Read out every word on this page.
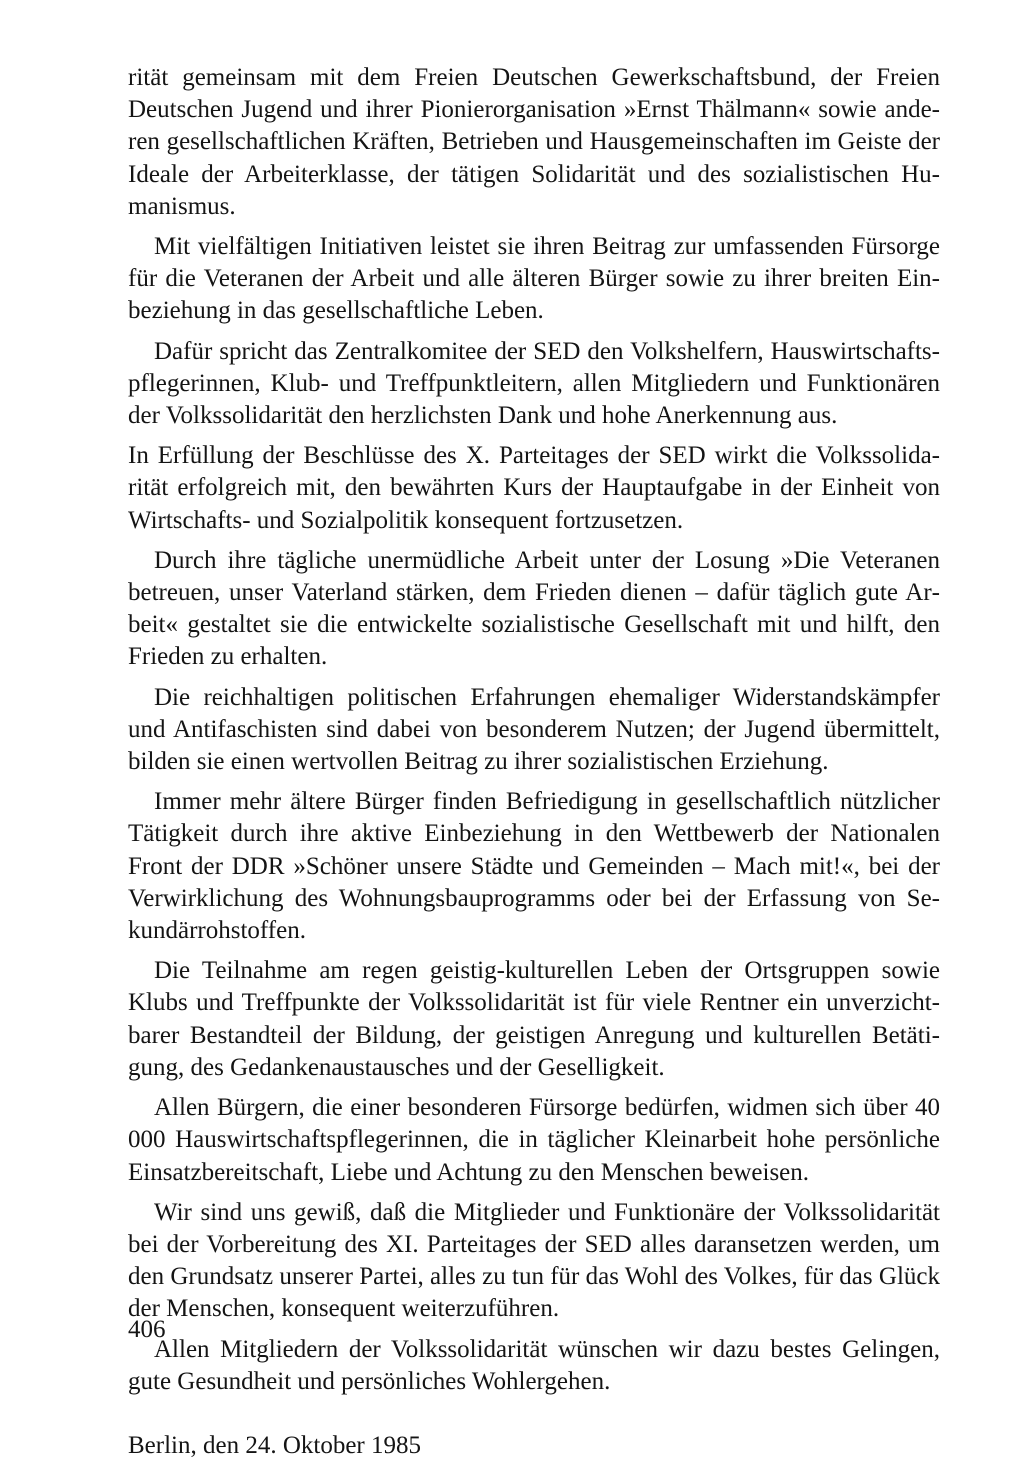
rität gemeinsam mit dem Freien Deutschen Gewerkschaftsbund, der Freien Deutschen Jugend und ihrer Pionierorganisation »Ernst Thälmann« sowie anderen gesellschaftlichen Kräften, Betrieben und Hausgemeinschaften im Geiste der Ideale der Arbeiterklasse, der tätigen Solidarität und des sozialistischen Humanismus.

Mit vielfältigen Initiativen leistet sie ihren Beitrag zur umfassenden Fürsorge für die Veteranen der Arbeit und alle älteren Bürger sowie zu ihrer breiten Einbeziehung in das gesellschaftliche Leben.

Dafür spricht das Zentralkomitee der SED den Volkshelfern, Hauswirtschaftspflegerinnen, Klub- und Treffpunktleitern, allen Mitgliedern und Funktionären der Volkssolidarität den herzlichsten Dank und hohe Anerkennung aus.

In Erfüllung der Beschlüsse des X. Parteitages der SED wirkt die Volkssolidarität erfolgreich mit, den bewährten Kurs der Hauptaufgabe in der Einheit von Wirtschafts- und Sozialpolitik konsequent fortzusetzen.

Durch ihre tägliche unermüdliche Arbeit unter der Losung »Die Veteranen betreuen, unser Vaterland stärken, dem Frieden dienen – dafür täglich gute Arbeit« gestaltet sie die entwickelte sozialistische Gesellschaft mit und hilft, den Frieden zu erhalten.

Die reichhaltigen politischen Erfahrungen ehemaliger Widerstandskämpfer und Antifaschisten sind dabei von besonderem Nutzen; der Jugend übermittelt, bilden sie einen wertvollen Beitrag zu ihrer sozialistischen Erziehung.

Immer mehr ältere Bürger finden Befriedigung in gesellschaftlich nützlicher Tätigkeit durch ihre aktive Einbeziehung in den Wettbewerb der Nationalen Front der DDR »Schöner unsere Städte und Gemeinden – Mach mit!«, bei der Verwirklichung des Wohnungsbauprogramms oder bei der Erfassung von Sekundärrohstoffen.

Die Teilnahme am regen geistig-kulturellen Leben der Ortsgruppen sowie Klubs und Treffpunkte der Volkssolidarität ist für viele Rentner ein unverzichtbarer Bestandteil der Bildung, der geistigen Anregung und kulturellen Betätigung, des Gedankenaustausches und der Geselligkeit.

Allen Bürgern, die einer besonderen Fürsorge bedürfen, widmen sich über 40 000 Hauswirtschaftspflegerinnen, die in täglicher Kleinarbeit hohe persönliche Einsatzbereitschaft, Liebe und Achtung zu den Menschen beweisen.

Wir sind uns gewiß, daß die Mitglieder und Funktionäre der Volkssolidarität bei der Vorbereitung des XI. Parteitages der SED alles daransetzen werden, um den Grundsatz unserer Partei, alles zu tun für das Wohl des Volkes, für das Glück der Menschen, konsequent weiterzuführen.

Allen Mitgliedern der Volkssolidarität wünschen wir dazu bestes Gelingen, gute Gesundheit und persönliches Wohlergehen.

Berlin, den 24. Oktober 1985
406
